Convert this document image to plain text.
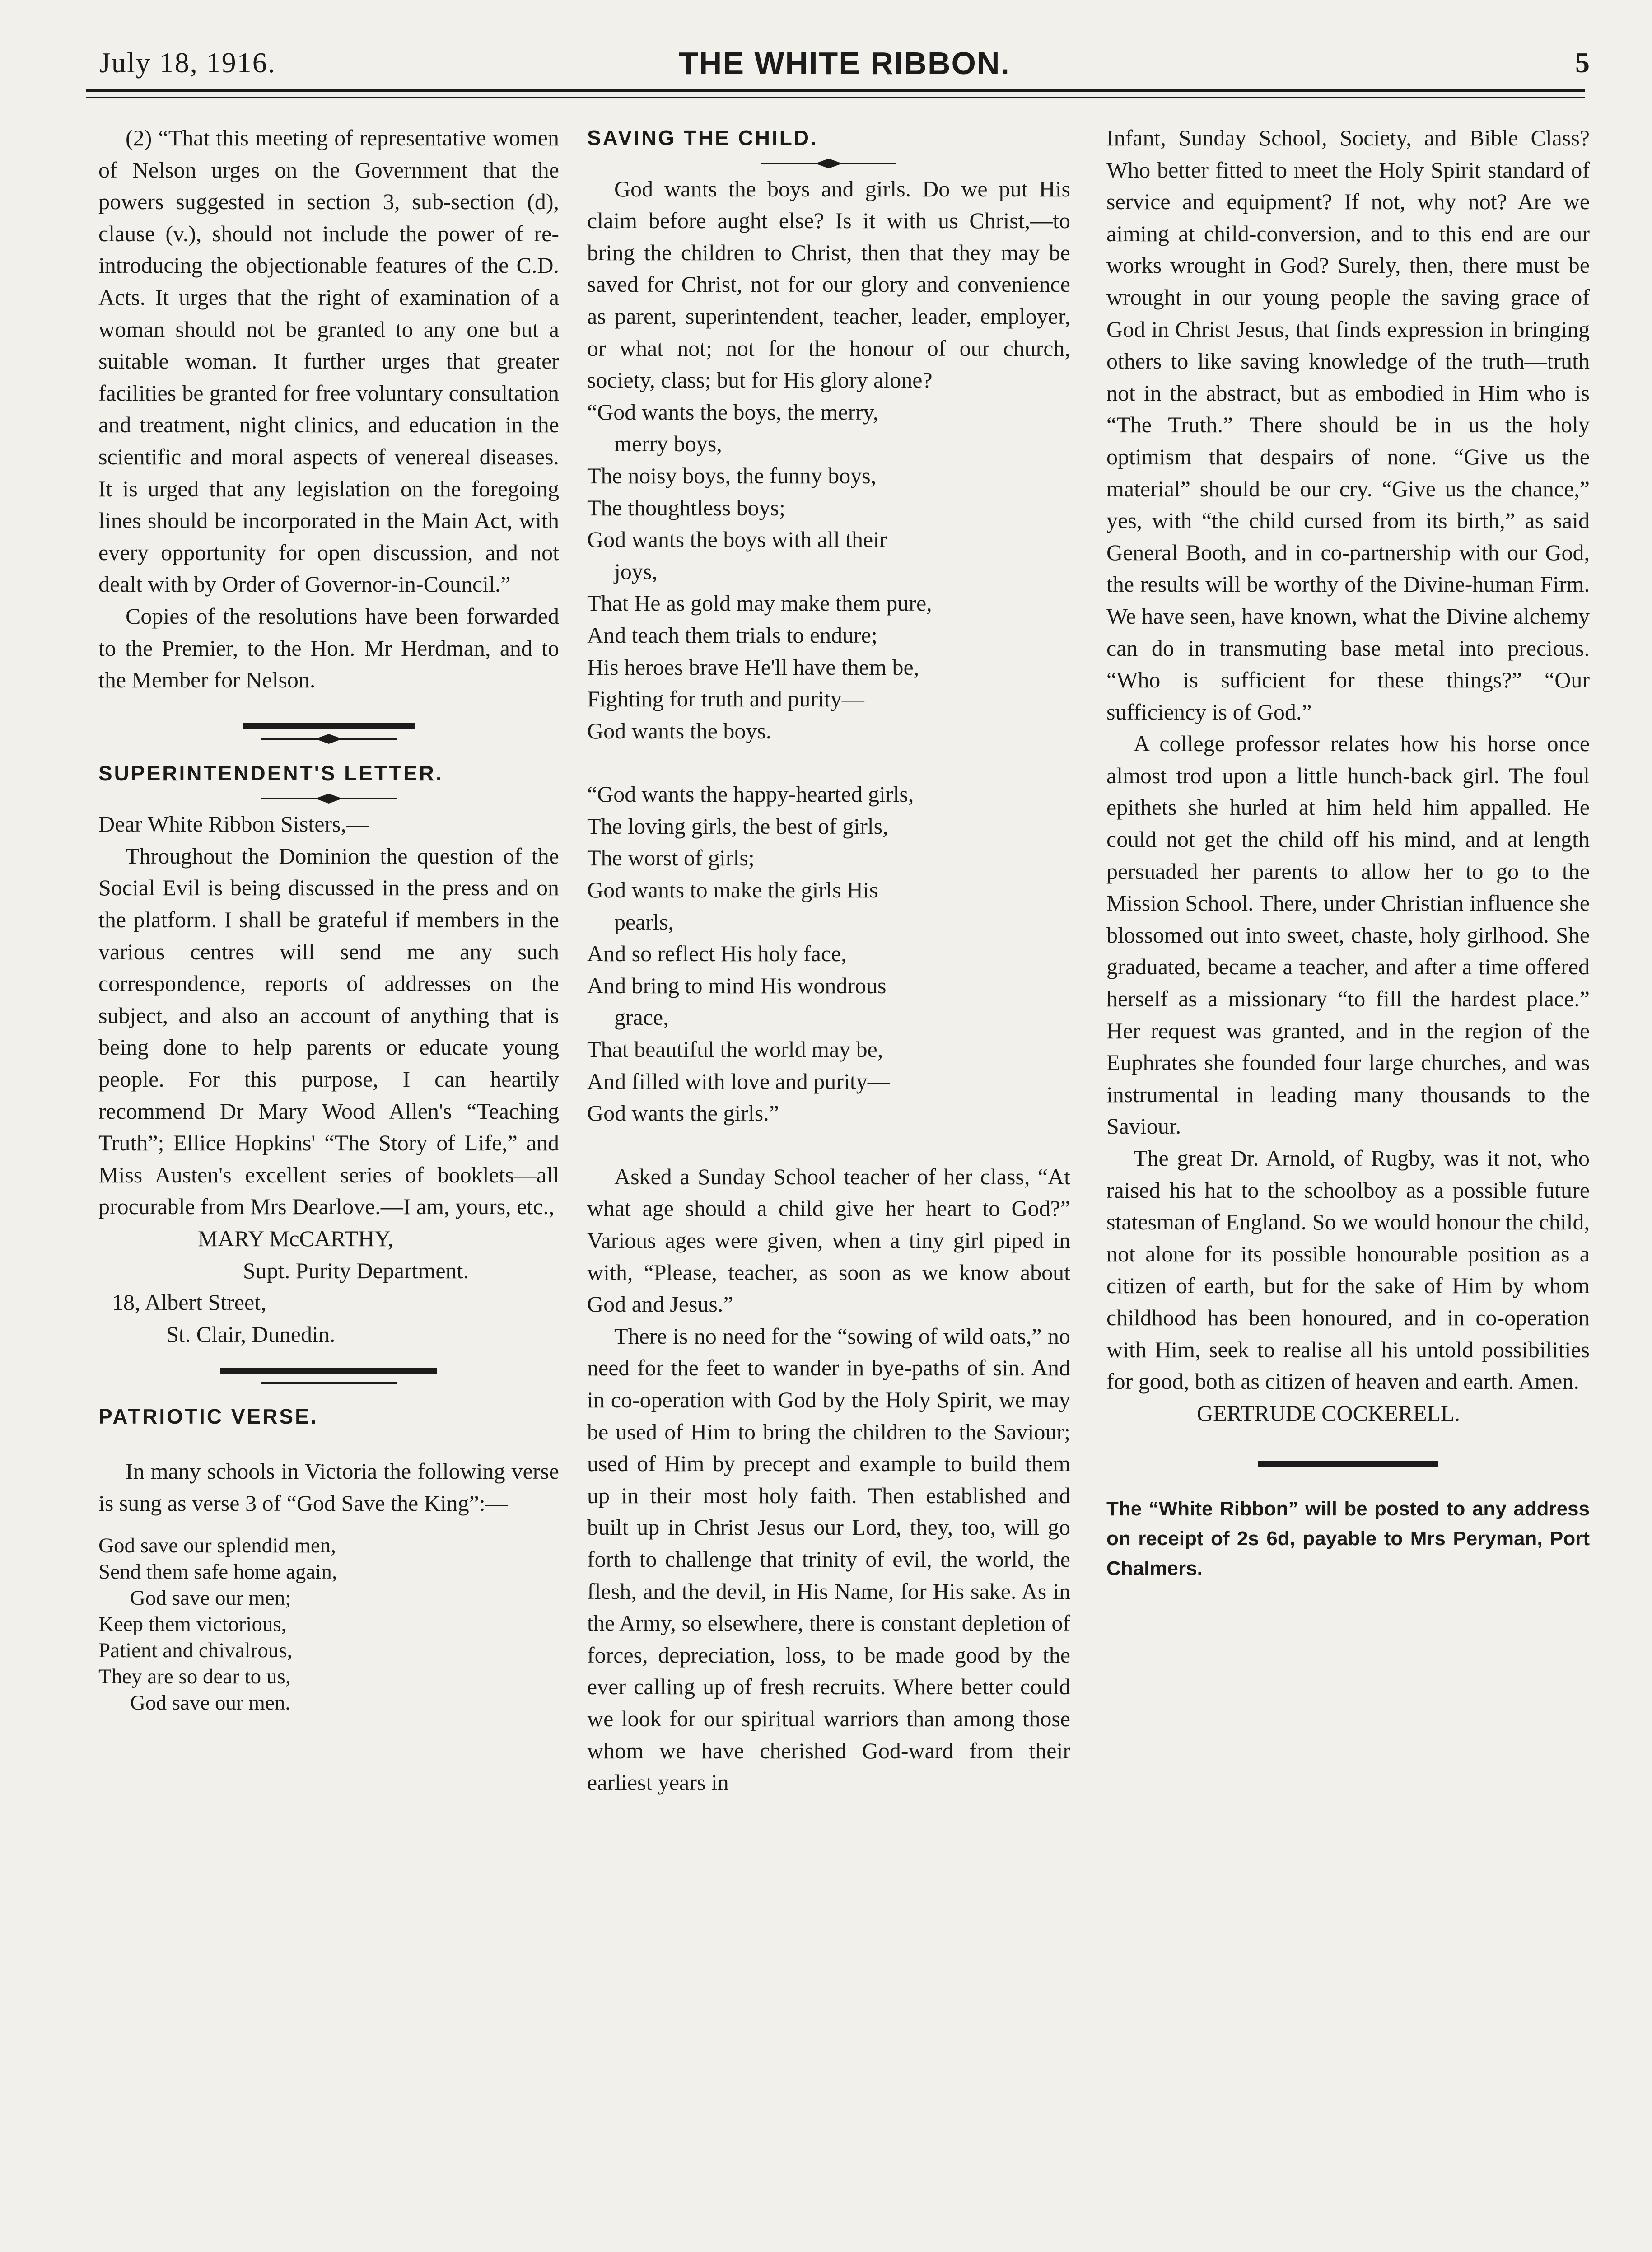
July 18, 1916.	THE WHITE RIBBON.	5

(2) “That this meeting of representative women of Nelson urges on the Government that the powers suggested in section 3, sub-section (d), clause (v.), should not include the power of re-introducing the objectionable features of the C.D. Acts. It urges that the right of examination of a woman should not be granted to any one but a suitable woman. It further urges that greater facilities be granted for free voluntary consultation and treatment, night clinics, and education in the scientific and moral aspects of venereal diseases. It is urged that any legislation on the foregoing lines should be incorporated in the Main Act, with every opportunity for open discussion, and not dealt with by Order of Governor-in-Council.”

Copies of the resolutions have been forwarded to the Premier, to the Hon. Mr Herdman, and to the Member for Nelson.

SUPERINTENDENT'S LETTER.

Dear White Ribbon Sisters,—

Throughout the Dominion the question of the Social Evil is being discussed in the press and on the platform. I shall be grateful if members in the various centres will send me any such correspondence, reports of addresses on the subject, and also an account of anything that is being done to help parents or educate young people. For this purpose, I can heartily recommend Dr Mary Wood Allen's “Teaching Truth”; Ellice Hopkins' “The Story of Life,” and Miss Austen's excellent series of booklets—all procurable from Mrs Dearlove.—I am, yours, etc.,

MARY McCARTHY,

Supt. Purity Department.

18, Albert Street,

St. Clair, Dunedin.

PATRIOTIC VERSE.

In many schools in Victoria the following verse is sung as verse 3 of “God Save the King”:—

God save our splendid men,

Send them safe home again,

God save our men;

Keep them victorious,

Patient and chivalrous,

They are so dear to us,

God save our men.

SAVING THE CHILD.

God wants the boys and girls. Do we put His claim before aught else? Is it with us Christ,—to bring the children to Christ, then that they may be saved for Christ, not for our glory and convenience as parent, superintendent, teacher, leader, employer, or what not; not for the honour of our church, society, class; but for His glory alone?

“God wants the boys, the merry,

merry boys,

The noisy boys, the funny boys,

The thoughtless boys;

God wants the boys with all their

joys,

That He as gold may make them pure,

And teach them trials to endure;

His heroes brave He'll have them be,

Fighting for truth and purity—

God wants the boys.

“God wants the happy-hearted girls,

The loving girls, the best of girls,

The worst of girls;

God wants to make the girls His

pearls,

And so reflect His holy face,

And bring to mind His wondrous

grace,

That beautiful the world may be,

And filled with love and purity—

God wants the girls.”

Asked a Sunday School teacher of her class, “At what age should a child give her heart to God?” Various ages were given, when a tiny girl piped in with, “Please, teacher, as soon as we know about God and Jesus.”

There is no need for the “sowing of wild oats,” no need for the feet to wander in bye-paths of sin. And in co-operation with God by the Holy Spirit, we may be used of Him to bring the children to the Saviour; used of Him by precept and example to build them up in their most holy faith. Then established and built up in Christ Jesus our Lord, they, too, will go forth to challenge that trinity of evil, the world, the flesh, and the devil, in His Name, for His sake. As in the Army, so elsewhere, there is constant depletion of forces, depreciation, loss, to be made good by the ever calling up of fresh recruits. Where better could we look for our spiritual warriors than among those whom we have cherished God-ward from their earliest years in

Infant, Sunday School, Society, and Bible Class? Who better fitted to meet the Holy Spirit standard of service and equipment? If not, why not? Are we aiming at child-conversion, and to this end are our works wrought in God? Surely, then, there must be wrought in our young people the saving grace of God in Christ Jesus, that finds expression in bringing others to like saving knowledge of the truth—truth not in the abstract, but as embodied in Him who is “The Truth.” There should be in us the holy optimism that despairs of none. “Give us the material” should be our cry. “Give us the chance,” yes, with “the child cursed from its birth,” as said General Booth, and in co-partnership with our God, the results will be worthy of the Divine-human Firm. We have seen, have known, what the Divine alchemy can do in transmuting base metal into precious. “Who is sufficient for these things?” “Our sufficiency is of God.”

A college professor relates how his horse once almost trod upon a little hunch-back girl. The foul epithets she hurled at him held him appalled. He could not get the child off his mind, and at length persuaded her parents to allow her to go to the Mission School. There, under Christian influence she blossomed out into sweet, chaste, holy girlhood. She graduated, became a teacher, and after a time offered herself as a missionary “to fill the hardest place.” Her request was granted, and in the region of the Euphrates she founded four large churches, and was instrumental in leading many thousands to the Saviour.

The great Dr. Arnold, of Rugby, was it not, who raised his hat to the schoolboy as a possible future statesman of England. So we would honour the child, not alone for its possible honourable position as a citizen of earth, but for the sake of Him by whom childhood has been honoured, and in co-operation with Him, seek to realise all his untold possibilities for good, both as citizen of heaven and earth. Amen.

GERTRUDE COCKERELL.

The “White Ribbon” will be posted to any address on receipt of 2s 6d, payable to Mrs Peryman, Port Chalmers.
